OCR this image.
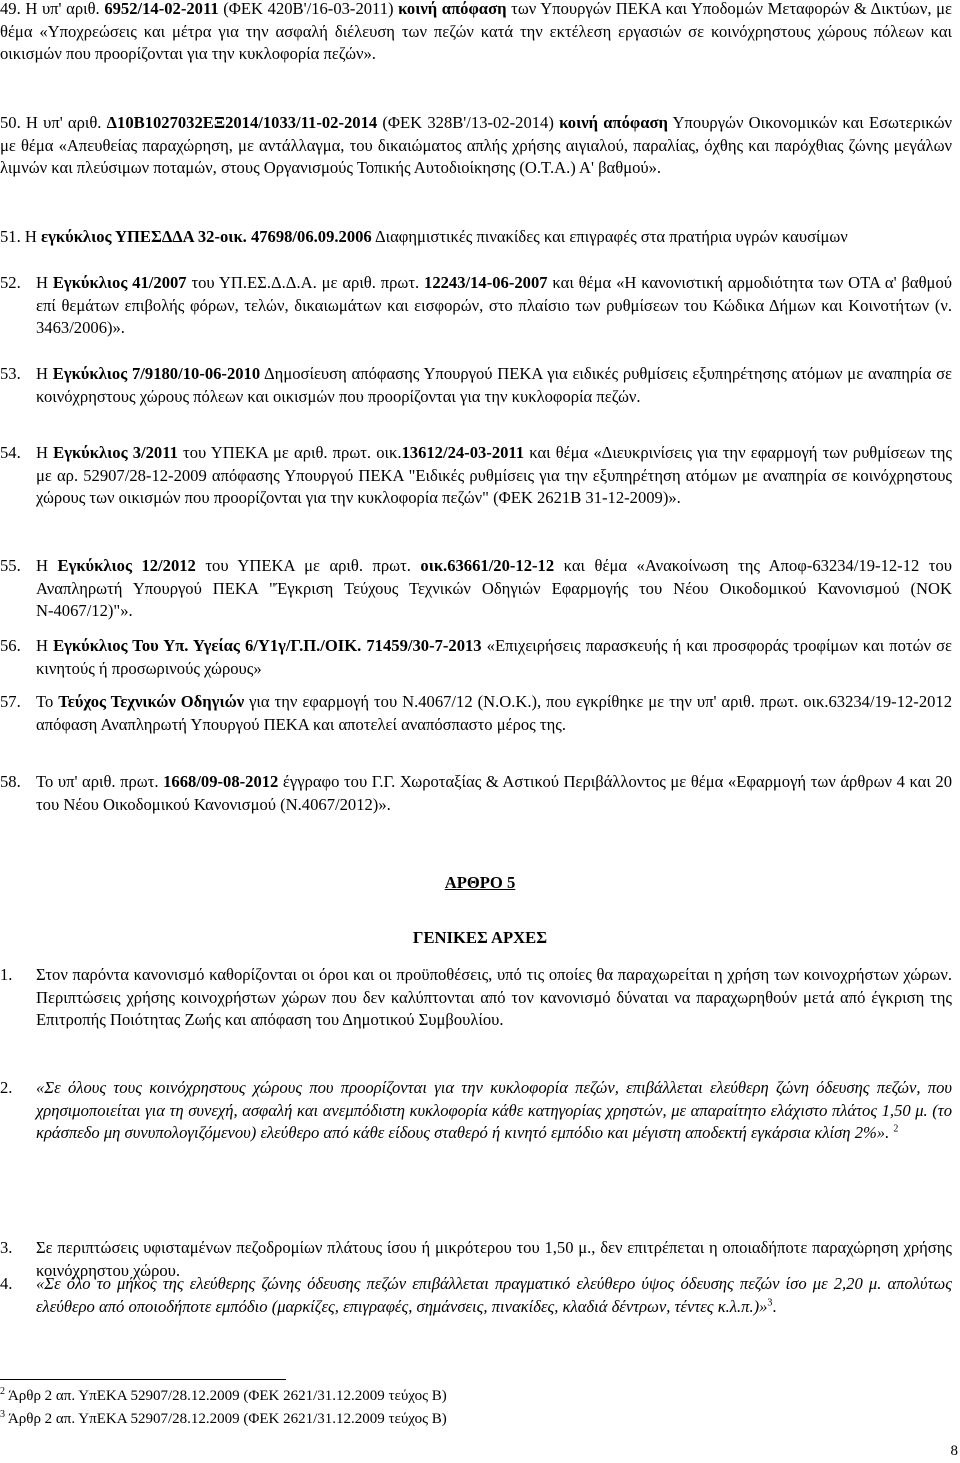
49. Η υπ' αριθ. 6952/14-02-2011 (ΦΕΚ 420Β'/16-03-2011) κοινή απόφαση των Υπουργών ΠΕΚΑ και Υποδομών Μεταφορών & Δικτύων, με θέμα «Υποχρεώσεις και μέτρα για την ασφαλή διέλευση των πεζών κατά την εκτέλεση εργασιών σε κοινόχρηστους χώρους πόλεων και οικισμών που προορίζονται για την κυκλοφορία πεζών».
50. Η υπ' αριθ. Δ10Β1027032ΕΞ2014/1033/11-02-2014 (ΦΕΚ 328Β'/13-02-2014) κοινή απόφαση Υπουργών Οικονομικών και Εσωτερικών με θέμα «Απευθείας παραχώρηση, με αντάλλαγμα, του δικαιώματος απλής χρήσης αιγιαλού, παραλίας, όχθης και παρόχθιας ζώνης μεγάλων λιμνών και πλεύσιμων ποταμών, στους Οργανισμούς Τοπικής Αυτοδιοίκησης (Ο.Τ.Α.) Α' βαθμού».
51. Η εγκύκλιος ΥΠΕΣΔΔΑ 32-οικ. 47698/06.09.2006 Διαφημιστικές πινακίδες και επιγραφές στα πρατήρια υγρών καυσίμων
52. Η Εγκύκλιος 41/2007 του ΥΠ.ΕΣ.Δ.Δ.Α. με αριθ. πρωτ. 12243/14-06-2007 και θέμα «Η κανονιστική αρμοδιότητα των ΟΤΑ α' βαθμού επί θεμάτων επιβολής φόρων, τελών, δικαιωμάτων και εισφορών, στο πλαίσιο των ρυθμίσεων του Κώδικα Δήμων και Κοινοτήτων (ν. 3463/2006)».
53. Η Εγκύκλιος 7/9180/10-06-2010 Δημοσίευση απόφασης Υπουργού ΠΕΚΑ για ειδικές ρυθμίσεις εξυπηρέτησης ατόμων με αναπηρία σε κοινόχρηστους χώρους πόλεων και οικισμών που προορίζονται για την κυκλοφορία πεζών.
54. Η Εγκύκλιος 3/2011 του ΥΠΕΚΑ με αριθ. πρωτ. οικ.13612/24-03-2011 και θέμα «Διευκρινίσεις για την εφαρμογή των ρυθμίσεων της με αρ. 52907/28-12-2009 απόφασης Υπουργού ΠΕΚΑ "Ειδικές ρυθμίσεις για την εξυπηρέτηση ατόμων με αναπηρία σε κοινόχρηστους χώρους των οικισμών που προορίζονται για την κυκλοφορία πεζών" (ΦΕΚ 2621Β 31-12-2009)».
55. Η Εγκύκλιος 12/2012 του ΥΠΕΚΑ με αριθ. πρωτ. οικ.63661/20-12-12 και θέμα «Ανακοίνωση της Αποφ-63234/19-12-12 του Αναπληρωτή Υπουργού ΠΕΚΑ "Έγκριση Τεύχους Τεχνικών Οδηγιών Εφαρμογής του Νέου Οικοδομικού Κανονισμού (ΝΟΚ Ν-4067/12)"».
56. Η Εγκύκλιος Του Υπ. Υγείας 6/Υ1γ/Γ.Π./ΟΙΚ. 71459/30-7-2013 «Επιχειρήσεις παρασκευής ή και προσφοράς τροφίμων και ποτών σε κινητούς ή προσωρινούς χώρους»
57. Το Τεύχος Τεχνικών Οδηγιών για την εφαρμογή του Ν.4067/12 (Ν.Ο.Κ.), που εγκρίθηκε με την υπ' αριθ. πρωτ. οικ.63234/19-12-2012 απόφαση Αναπληρωτή Υπουργού ΠΕΚΑ και αποτελεί αναπόσπαστο μέρος της.
58. Το υπ' αριθ. πρωτ. 1668/09-08-2012 έγγραφο του Γ.Γ. Χωροταξίας & Αστικού Περιβάλλοντος με θέμα «Εφαρμογή των άρθρων 4 και 20 του Νέου Οικοδομικού Κανονισμού (Ν.4067/2012)».
ΑΡΘΡΟ 5
ΓΕΝΙΚΕΣ ΑΡΧΕΣ
1.	Στον παρόντα κανονισμό καθορίζονται οι όροι και οι προϋποθέσεις, υπό τις οποίες θα παραχωρείται η χρήση των κοινοχρήστων χώρων. Περιπτώσεις χρήσης κοινοχρήστων χώρων που δεν καλύπτονται από τον κανονισμό δύναται να παραχωρηθούν μετά από έγκριση της Επιτροπής Ποιότητας Ζωής και απόφαση του Δημοτικού Συμβουλίου.
2.	«Σε όλους τους κοινόχρηστους χώρους που προορίζονται για την κυκλοφορία πεζών, επιβάλλεται ελεύθερη ζώνη όδευσης πεζών, που χρησιμοποιείται για τη συνεχή, ασφαλή και ανεμπόδιστη κυκλοφορία κάθε κατηγορίας χρηστών, με απαραίτητο ελάχιστο πλάτος 1,50 μ. (το κράσπεδο μη συνυπολογιζόμενου) ελεύθερο από κάθε είδους σταθερό ή κινητό εμπόδιο και μέγιστη αποδεκτή εγκάρσια κλίση 2%». $^2$
3.	Σε περιπτώσεις υφισταμένων πεζοδρομίων πλάτους ίσου ή μικρότερου του 1,50 μ., δεν επιτρέπεται η οποιαδήποτε παραχώρηση χρήσης κοινόχρηστου χώρου.
4.	«Σε όλο το μήκος της ελεύθερης ζώνης όδευσης πεζών επιβάλλεται πραγματικό ελεύθερο ύψος όδευσης πεζών ίσο με 2,20 μ. απολύτως ελεύθερο από οποιοδήποτε εμπόδιο (μαρκίζες, επιγραφές, σημάνσεις, πινακίδες, κλαδιά δέντρων, τέντες κ.λ.π.)»$^3$.
$^2$ Άρθρ 2 απ. ΥπΕΚΑ 52907/28.12.2009 (ΦΕΚ 2621/31.12.2009 τεύχος Β)
$^3$ Άρθρ 2 απ. ΥπΕΚΑ 52907/28.12.2009 (ΦΕΚ 2621/31.12.2009 τεύχος Β)
8
